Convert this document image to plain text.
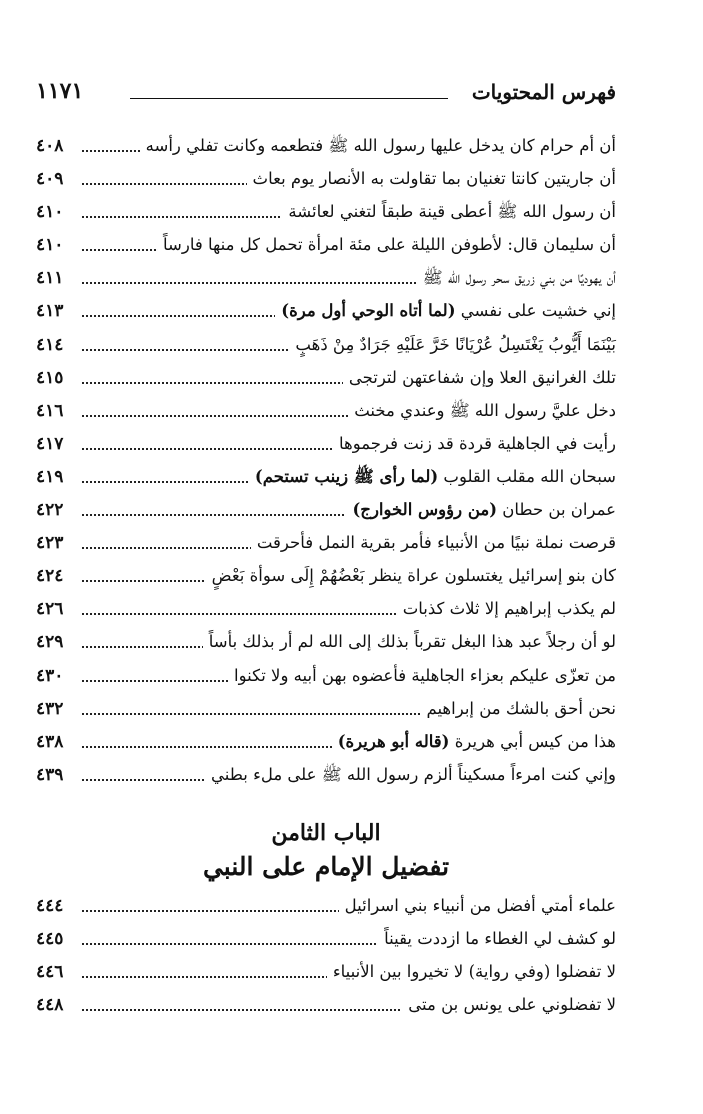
فهرس المحتويات
١١٧١
أن أم حرام كان يدخل عليها رسول الله ﷺ فتطعمه وكانت تفلي رأسه
٤٠٨
أن جاريتين كانتا تغنيان بما تقاولت به الأنصار يوم بعاث
٤٠٩
أن رسول الله ﷺ أعطى قينة طبقاً لتغني لعائشة
٤١٠
أن سليمان قال: لأطوفن الليلة على مئة امرأة تحمل كل منها فارساً
٤١٠
أن يهوديًا من بني زريق سحر رسول الله ﷺ
٤١١
إني خشيت على نفسي (لما أتاه الوحي أول مرة)
٤١٣
بَيْنَمَا أَيُّوبُ يَغْتَسِلُ عُرْيَانًا خَرَّ عَلَيْهِ جَرَادٌ مِنْ ذَهَبٍ
٤١٤
تلك الغرانيق العلا وإن شفاعتهن لترتجى
٤١٥
دخل عليَّ رسول الله ﷺ وعندي مخنث
٤١٦
رأيت في الجاهلية قردة قد زنت فرجموها
٤١٧
سبحان الله مقلب القلوب (لما رأى ﷺ زينب تستحم)
٤١٩
عمران بن حطان (من رؤوس الخوارج)
٤٢٢
قرصت نملة نبيًا من الأنبياء فأمر بقرية النمل فأحرقت
٤٢٣
كان بنو إسرائيل يغتسلون عراة ينظر بَعْضُهُمْ إِلَى سوأة بَعْضٍ
٤٢٤
لم يكذب إبراهيم إلا ثلاث كذبات
٤٢٦
لو أن رجلاً عبد هذا البغل تقرباً بذلك إلى الله لم أر بذلك بأساً
٤٢٩
من تعزّى عليكم بعزاء الجاهلية فأعضوه بهن أبيه ولا تكنوا
٤٣٠
نحن أحق بالشك من إبراهيم
٤٣٢
هذا من كيس أبي هريرة (قاله أبو هريرة)
٤٣٨
وإني كنت امرءاً مسكيناً ألزم رسول الله ﷺ على ملء بطني
٤٣٩
الباب الثامن
تفضيل الإمام على النبي
علماء أمتي أفضل من أنبياء بني اسرائيل
٤٤٤
لو كشف لي الغطاء ما ازددت يقيناً
٤٤٥
لا تفضلوا (وفي رواية) لا تخيروا بين الأنبياء
٤٤٦
لا تفضلوني على يونس بن متى
٤٤٨
